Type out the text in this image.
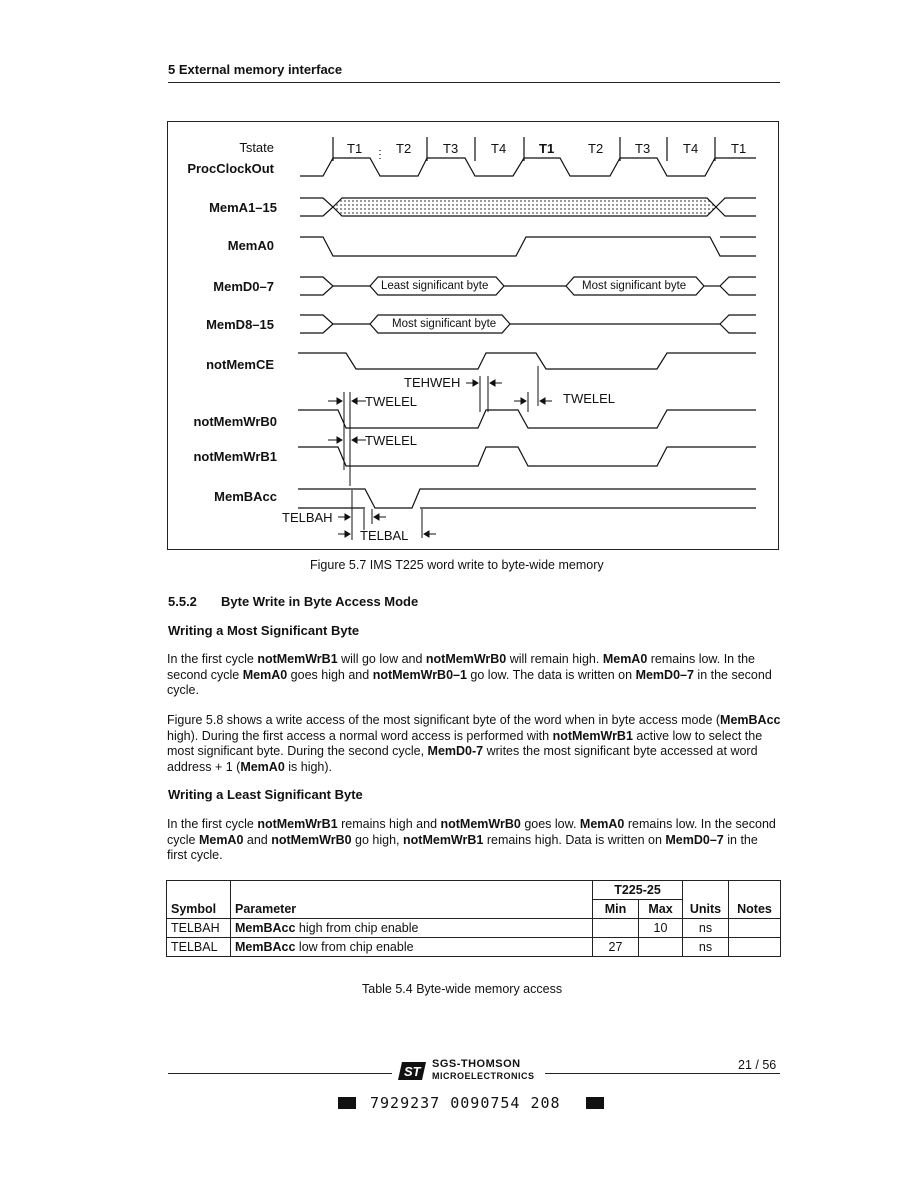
5 External memory interface
Tstate
ProcClockOut
MemA1–15
MemA0
MemD0–7
MemD8–15
notMemCE
notMemWrB0
notMemWrB1
MemBAcc
T1	T2 T3	T4	T1	T2 T3	T4	T1
Least significant byte	Most significant byte
Most significant byte
TEHWEH
TWELEL	TWELEL
TWELEL
TELBAH
TELBAL
Figure 5.7 IMS T225 word write to byte-wide memory
5.5.2 Byte Write in Byte Access Mode
Writing a Most Significant Byte
In the first cycle notMemWrB1 will go low and notMemWrB0 will remain high. MemA0 remains low. In the second cycle MemA0 goes high and notMemWrB0–1 go low. The data is written on MemD0–7 in the second cycle.
Figure 5.8 shows a write access of the most significant byte of the word when in byte access mode (MemBAcc high). During the first access a normal word access is performed with notMemWrB1 active low to select the most significant byte. During the second cycle, MemD0-7 writes the most significant byte accessed at word address + 1 (MemA0 is high).
Writing a Least Significant Byte
In the first cycle notMemWrB1 remains high and notMemWrB0 goes low. MemA0 remains low. In the second cycle MemA0 and notMemWrB0 go high, notMemWrB1 remains high. Data is written on MemD0–7 in the first cycle.
Symbol	Parameter	T225-25		Units	Notes
		Min	Max		
TELBAH	MemBAcc high from chip enable		10	ns	
TELBAL	MemBAcc low from chip enable	27		ns	
Table 5.4 Byte-wide memory access
ST SGS-THOMSON
MICROELECTRONICS
21 / 56
7929237 0090754 208
